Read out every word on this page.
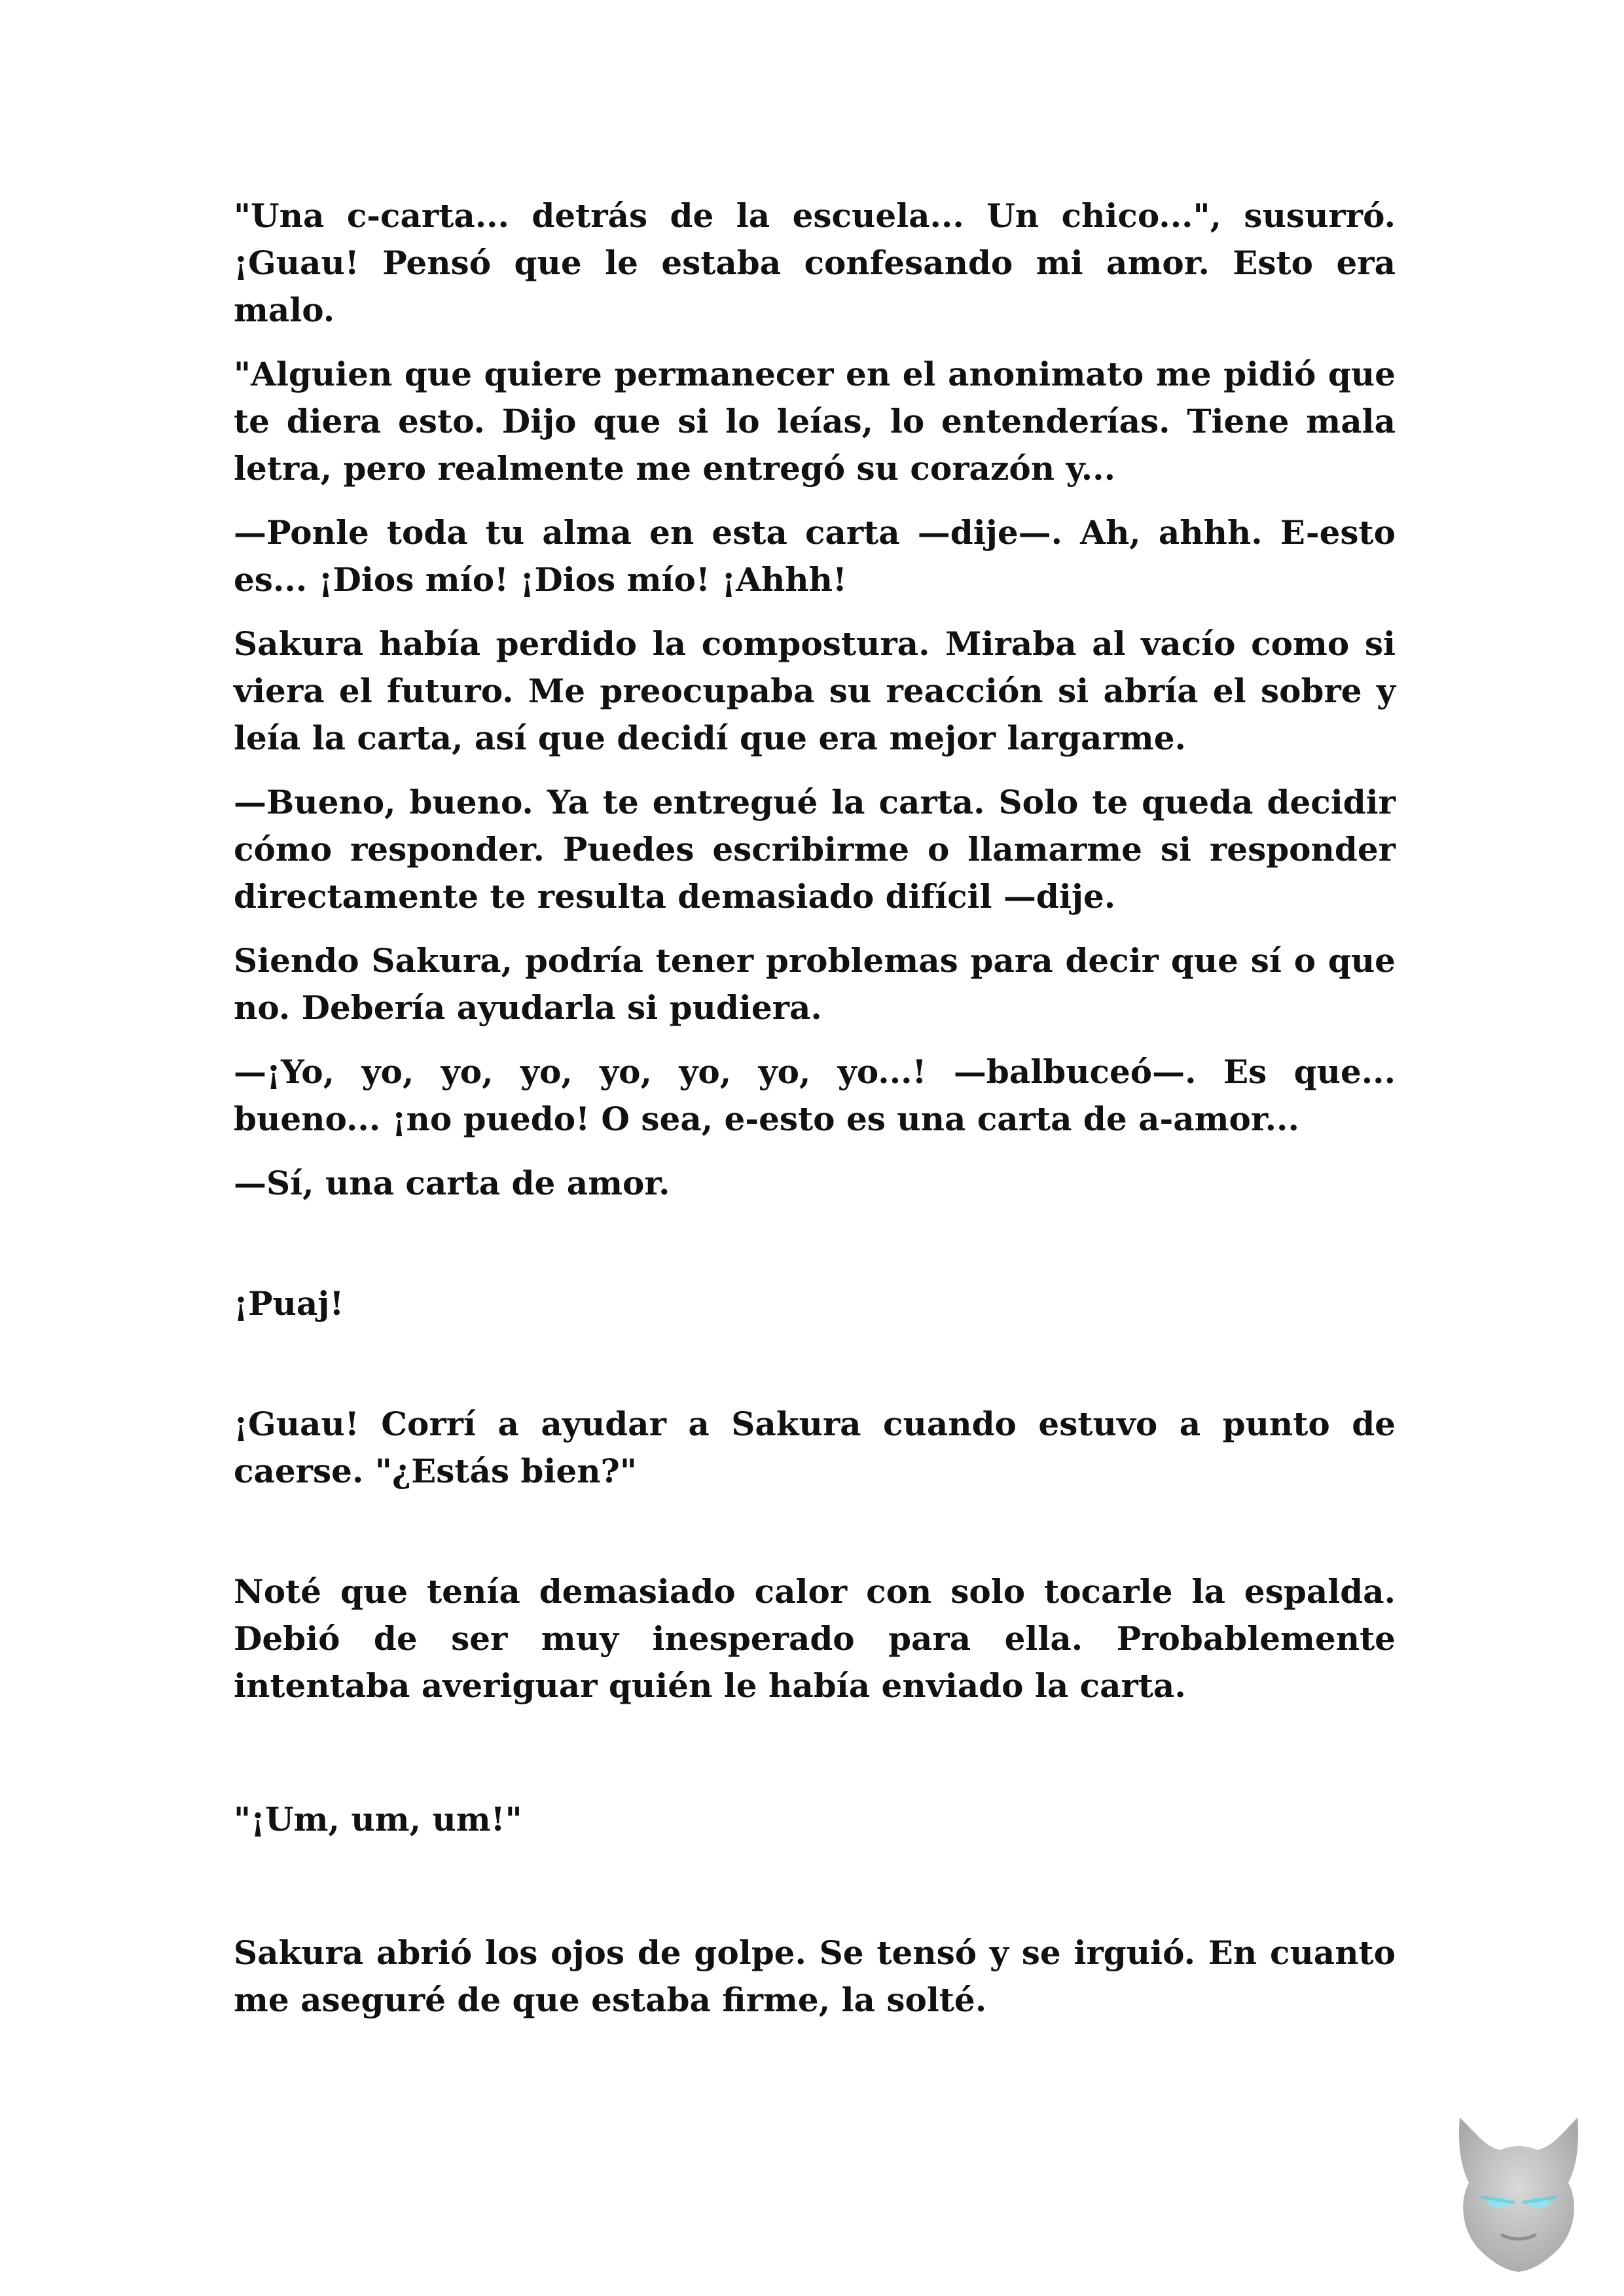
"Una c-carta... detrás de la escuela... Un chico...", susurró. ¡Guau! Pensó que le estaba confesando mi amor. Esto era malo.

"Alguien que quiere permanecer en el anonimato me pidió que te diera esto. Dijo que si lo leías, lo entenderías. Tiene mala letra, pero realmente me entregó su corazón y...

—Ponle toda tu alma en esta carta —dije—. Ah, ahhh. E-esto es... ¡Dios mío! ¡Dios mío! ¡Ahhh!

Sakura había perdido la compostura. Miraba al vacío como si viera el futuro. Me preocupaba su reacción si abría el sobre y leía la carta, así que decidí que era mejor largarme.

—Bueno, bueno. Ya te entregué la carta. Solo te queda decidir cómo responder. Puedes escribirme o llamarme si responder directamente te resulta demasiado difícil —dije.

Siendo Sakura, podría tener problemas para decir que sí o que no. Debería ayudarla si pudiera.

—¡Yo, yo, yo, yo, yo, yo, yo, yo...! —balbuceó—. Es que... bueno... ¡no puedo! O sea, e-esto es una carta de a-amor...

—Sí, una carta de amor.

¡Puaj!

¡Guau! Corrí a ayudar a Sakura cuando estuvo a punto de caerse. "¿Estás bien?"

Noté que tenía demasiado calor con solo tocarle la espalda. Debió de ser muy inesperado para ella. Probablemente intentaba averiguar quién le había enviado la carta.

"¡Um, um, um!"

Sakura abrió los ojos de golpe. Se tensó y se irguió. En cuanto me aseguré de que estaba firme, la solté.
